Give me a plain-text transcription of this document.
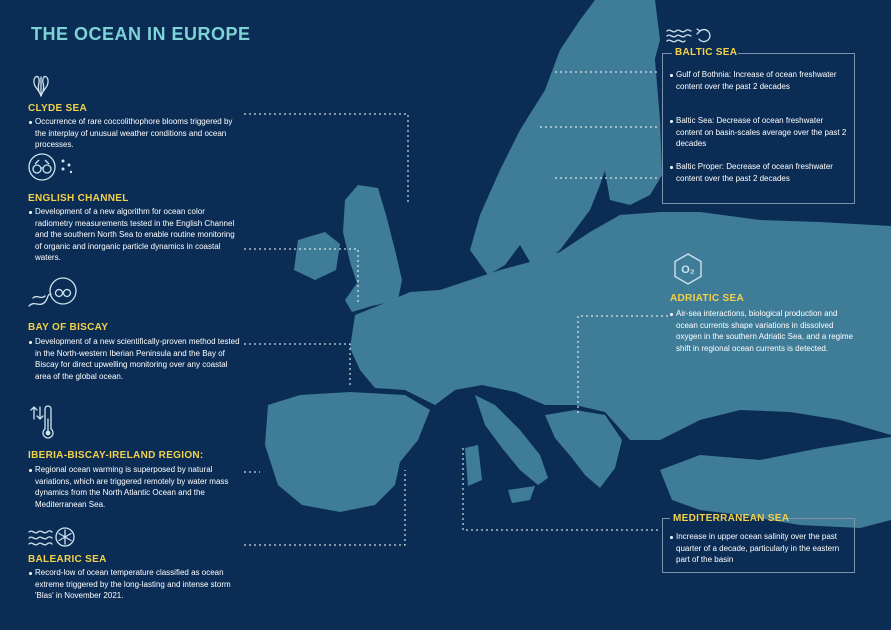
THE OCEAN IN EUROPE
CLYDE SEA

Occurrence of rare coccolithophore blooms triggered by the interplay of unusual weather conditions and ocean processes.

ENGLISH CHANNEL

Development of a new algorithm for ocean color radiometry measurements tested in the English Channel and the southern North Sea to enable routine monitoring of organic and inorganic particle dynamics in coastal waters.

BAY OF BISCAY

Development of a new scientifically-proven method tested in the North-western Iberian Peninsula and the Bay of Biscay for direct upwelling monitoring over any coastal area of the global ocean.

IBERIA-BISCAY-IRELAND REGION:

Regional ocean warming is superposed by natural variations, which are triggered remotely by water mass dynamics from the North Atlantic Ocean and the Mediterranean Sea.

BALEARIC SEA

Record-low of ocean temperature classified as ocean extreme triggered by the long-lasting and intense storm 'Blas' in November 2021.

BALTIC SEA

Gulf of Bothnia: Increase of ocean freshwater content over the past 2 decades

Baltic Sea: Decrease of ocean freshwater content on basin-scales average over the past 2 decades

Baltic Proper: Decrease of ocean freshwater content over the past 2 decades

O₂
ADRIATIC SEA

Air-sea interactions, biological production and ocean currents shape variations in dissolved oxygen in the southern Adriatic Sea, and a regime shift in regional ocean currents is detected.

MEDITERRANEAN SEA

Increase in upper ocean salinity over the past quarter of a decade, particularly in the eastern part of the basin
